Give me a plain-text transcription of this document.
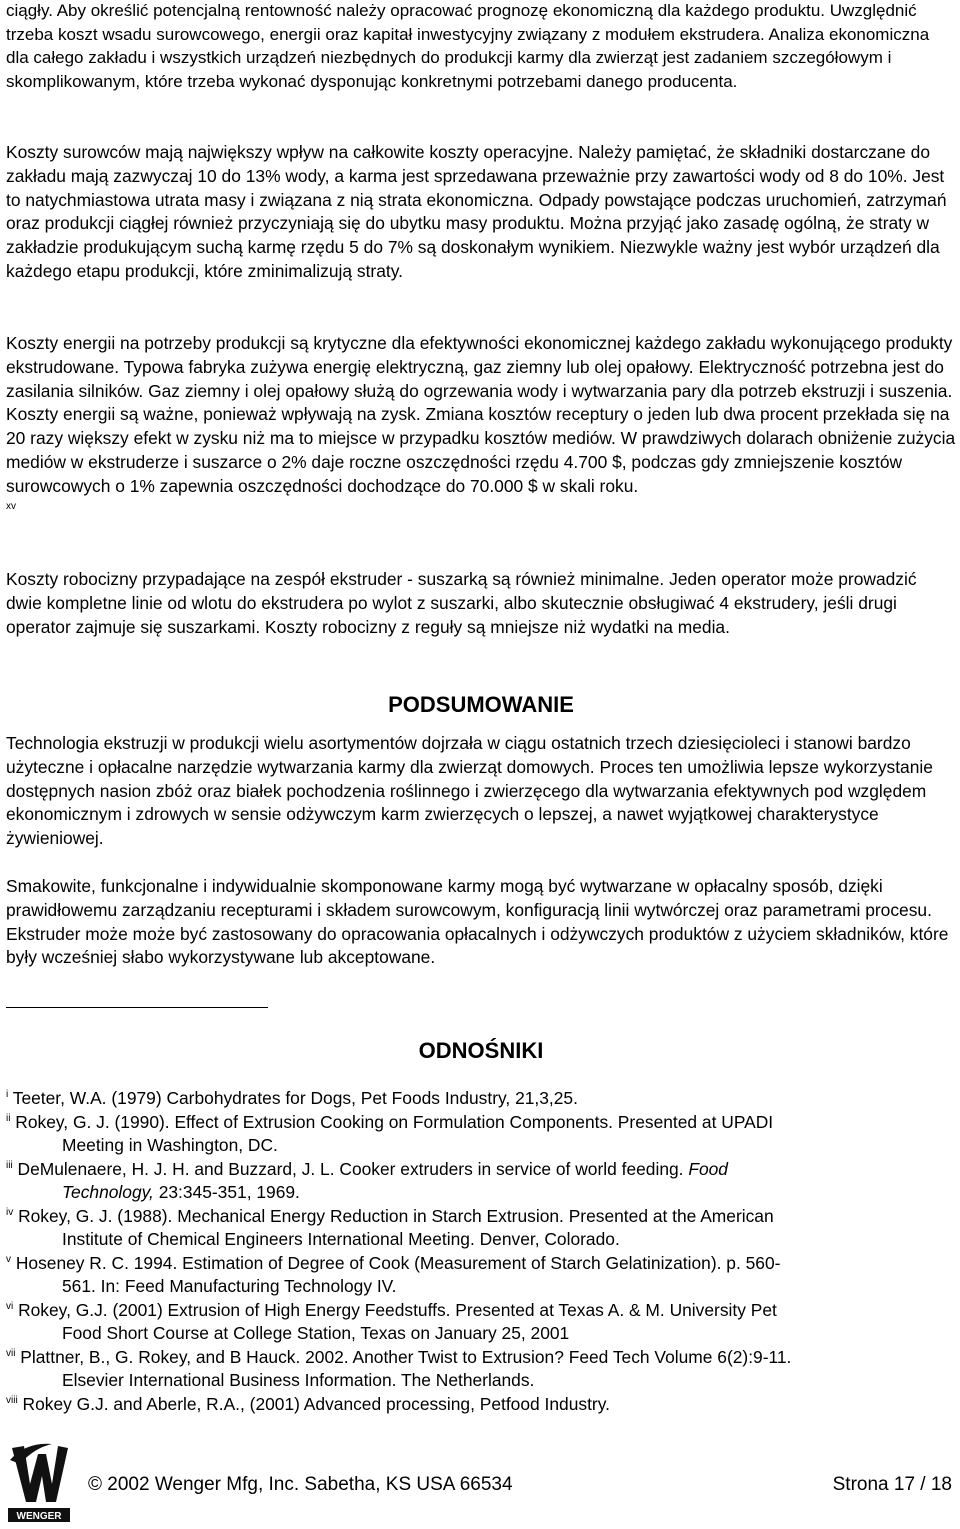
ciągły. Aby określić potencjalną rentowność należy opracować prognozę ekonomiczną dla każdego produktu. Uwzględnić trzeba koszt wsadu surowcowego, energii oraz kapitał inwestycyjny związany z modułem ekstrudera. Analiza ekonomiczna dla całego zakładu i wszystkich urządzeń niezbędnych do produkcji karmy dla zwierząt jest zadaniem szczegółowym i skomplikowanym, które trzeba wykonać dysponując konkretnymi potrzebami danego producenta.

Koszty surowców mają największy wpływ na całkowite koszty operacyjne. Należy pamiętać, że składniki dostarczane do zakładu mają zazwyczaj 10 do 13% wody, a karma jest sprzedawana przeważnie przy zawartości wody od 8 do 10%. Jest to natychmiastowa utrata masy i związana z nią strata ekonomiczna. Odpady powstające podczas uruchomień, zatrzymań oraz produkcji ciągłej również przyczyniają się do ubytku masy produktu. Można przyjąć jako zasadę ogólną, że straty w zakładzie produkującym suchą karmę rzędu 5 do 7% są doskonałym wynikiem. Niezwykle ważny jest wybór urządzeń dla każdego etapu produkcji, które zminimalizują straty.

Koszty energii na potrzeby produkcji są krytyczne dla efektywności ekonomicznej każdego zakładu wykonującego produkty ekstrudowane. Typowa fabryka zużywa energię elektryczną, gaz ziemny lub olej opałowy. Elektryczność potrzebna jest do zasilania silników. Gaz ziemny i olej opałowy służą do ogrzewania wody i wytwarzania pary dla potrzeb ekstruzji i suszenia. Koszty energii są ważne, ponieważ wpływają na zysk. Zmiana kosztów receptury o jeden lub dwa procent przekłada się na 20 razy większy efekt w zysku niż ma to miejsce w przypadku kosztów mediów. W prawdziwych dolarach obniżenie zużycia mediów w ekstruderze i suszarce o 2% daje roczne oszczędności rzędu 4.700 $, podczas gdy zmniejszenie kosztów surowcowych o 1% zapewnia oszczędności dochodzące do 70.000 $ w skali roku.
$^{xv}$

Koszty robocizny przypadające na zespół ekstruder - suszarką są również minimalne. Jeden operator może prowadzić dwie kompletne linie od wlotu do ekstrudera po wylot z suszarki, albo skutecznie obsługiwać 4 ekstrudery, jeśli drugi operator zajmuje się suszarkami. Koszty robocizny z reguły są mniejsze niż wydatki na media.

PODSUMOWANIE

Technologia ekstruzji w produkcji wielu asortymentów dojrzała w ciągu ostatnich trzech dziesięcioleci i stanowi bardzo użyteczne i opłacalne narzędzie wytwarzania karmy dla zwierząt domowych. Proces ten umożliwia lepsze wykorzystanie dostępnych nasion zbóż oraz białek pochodzenia roślinnego i zwierzęcego dla wytwarzania efektywnych pod względem ekonomicznym i zdrowych w sensie odżywczym karm zwierzęcych o lepszej, a nawet wyjątkowej charakterystyce żywieniowej.

Smakowite, funkcjonalne i indywidualnie skomponowane karmy mogą być wytwarzane w opłacalny sposób, dzięki prawidłowemu zarządzaniu recepturami i składem surowcowym, konfiguracją linii wytwórczej oraz parametrami procesu. Ekstruder może może być zastosowany do opracowania opłacalnych i odżywczych produktów z użyciem składników, które były wcześniej słabo wykorzystywane lub akceptowane.

ODNOŚNIKI

$^i$ Teeter, W.A. (1979) Carbohydrates for Dogs, Pet Foods Industry, 21,3,25.

$^{ii}$ Rokey, G. J. (1990). Effect of Extrusion Cooking on Formulation Components. Presented at UPADI
Meeting in Washington, DC.

$^{iii}$ DeMulenaere, H. J. H. and Buzzard, J. L. Cooker extruders in service of world feeding. Food
Technology, 23:345-351, 1969.

$^{iv}$ Rokey, G. J. (1988). Mechanical Energy Reduction in Starch Extrusion. Presented at the American
Institute of Chemical Engineers International Meeting. Denver, Colorado.

$^v$ Hoseney R. C. 1994. Estimation of Degree of Cook (Measurement of Starch Gelatinization). p. 560-
561. In: Feed Manufacturing Technology IV.

$^{vi}$ Rokey, G.J. (2001) Extrusion of High Energy Feedstuffs. Presented at Texas A. & M. University Pet
Food Short Course at College Station, Texas on January 25, 2001

$^{vii}$ Plattner, B., G. Rokey, and B Hauck. 2002. Another Twist to Extrusion? Feed Tech Volume 6(2):9-11.
Elsevier International Business Information. The Netherlands.

$^{viii}$ Rokey G.J. and Aberle, R.A., (2001) Advanced processing, Petfood Industry.

WENGER
© 2002 Wenger Mfg, Inc. Sabetha, KS USA 66534	Strona 17 / 18
